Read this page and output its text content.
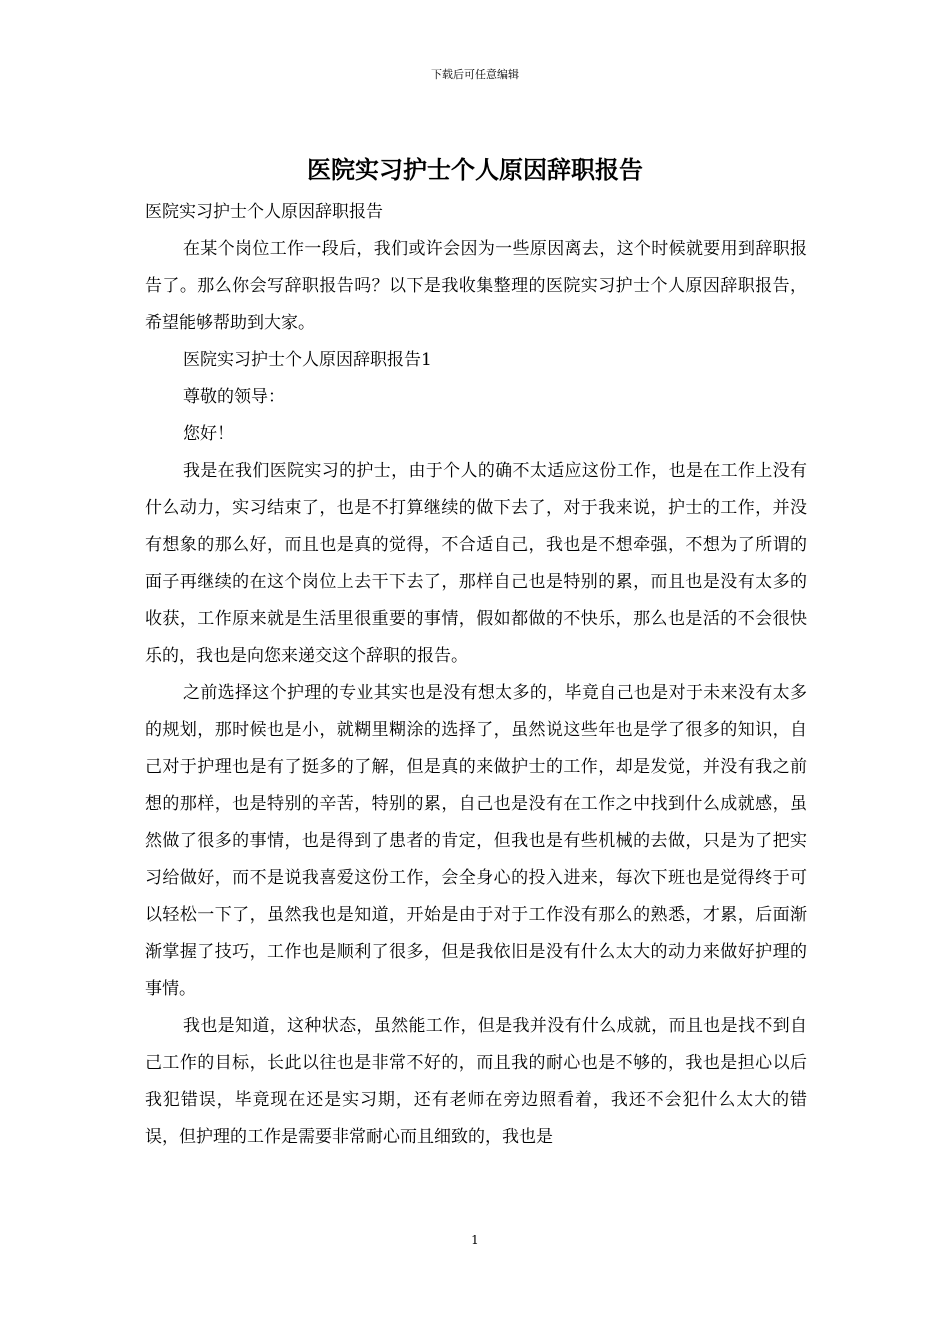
下载后可任意编辑
医院实习护士个人原因辞职报告

医院实习护士个人原因辞职报告

在某个岗位工作一段后，我们或许会因为一些原因离去，这个时候就要用到辞职报告了。那么你会写辞职报告吗？以下是我收集整理的医院实习护士个人原因辞职报告，希望能够帮助到大家。

医院实习护士个人原因辞职报告1

尊敬的领导：

您好！

我是在我们医院实习的护士，由于个人的确不太适应这份工作，也是在工作上没有什么动力，实习结束了，也是不打算继续的做下去了，对于我来说，护士的工作，并没有想象的那么好，而且也是真的觉得，不合适自己，我也是不想牵强，不想为了所谓的面子再继续的在这个岗位上去干下去了，那样自己也是特别的累，而且也是没有太多的收获，工作原来就是生活里很重要的事情，假如都做的不快乐，那么也是活的不会很快乐的，我也是向您来递交这个辞职的报告。

之前选择这个护理的专业其实也是没有想太多的，毕竟自己也是对于未来没有太多的规划，那时候也是小，就糊里糊涂的选择了，虽然说这些年也是学了很多的知识，自己对于护理也是有了挺多的了解，但是真的来做护士的工作，却是发觉，并没有我之前想的那样，也是特别的辛苦，特别的累，自己也是没有在工作之中找到什么成就感，虽然做了很多的事情，也是得到了患者的肯定，但我也是有些机械的去做，只是为了把实习给做好，而不是说我喜爱这份工作，会全身心的投入进来，每次下班也是觉得终于可以轻松一下了，虽然我也是知道，开始是由于对于工作没有那么的熟悉，才累，后面渐渐掌握了技巧，工作也是顺利了很多，但是我依旧是没有什么太大的动力来做好护理的事情。

我也是知道，这种状态，虽然能工作，但是我并没有什么成就，而且也是找不到自己工作的目标，长此以往也是非常不好的，而且我的耐心也是不够的，我也是担心以后我犯错误，毕竟现在还是实习期，还有老师在旁边照看着，我还不会犯什么太大的错误，但护理的工作是需要非常耐心而且细致的，我也是

1
